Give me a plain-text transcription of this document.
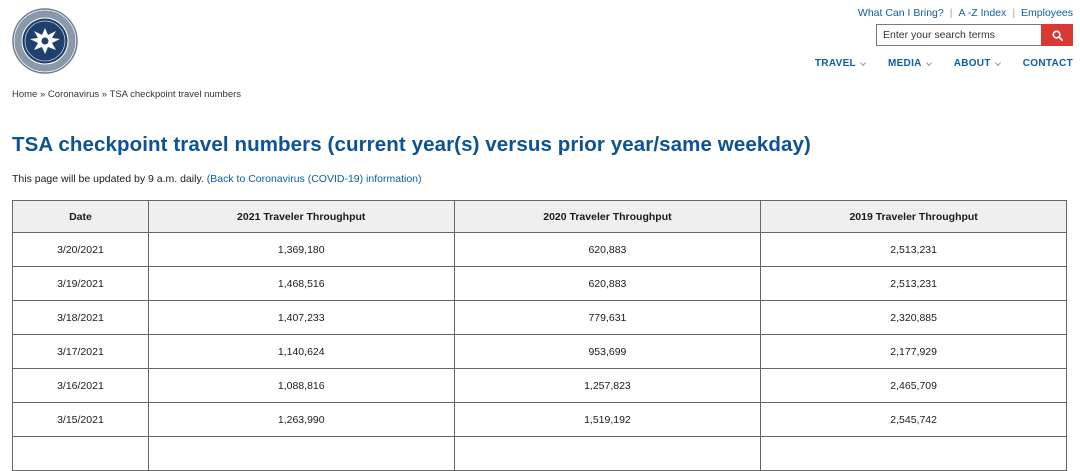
What Can I Bring? | A -Z Index | Employees
Enter your search terms
TRAVEL	MEDIA	ABOUT	CONTACT
Home » Coronavirus » TSA checkpoint travel numbers
TSA checkpoint travel numbers (current year(s) versus prior year/same weekday)

This page will be updated by 9 a.m. daily. (Back to Coronavirus (COVID-19) information)

Date	2021 Traveler Throughput	2020 Traveler Throughput	2019 Traveler Throughput
3/20/2021	1,369,180	620,883	2,513,231
3/19/2021	1,468,516	620,883	2,513,231
3/18/2021	1,407,233	779,631	2,320,885
3/17/2021	1,140,624	953,699	2,177,929
3/16/2021	1,088,816	1,257,823	2,465,709
3/15/2021	1,263,990	1,519,192	2,545,742
